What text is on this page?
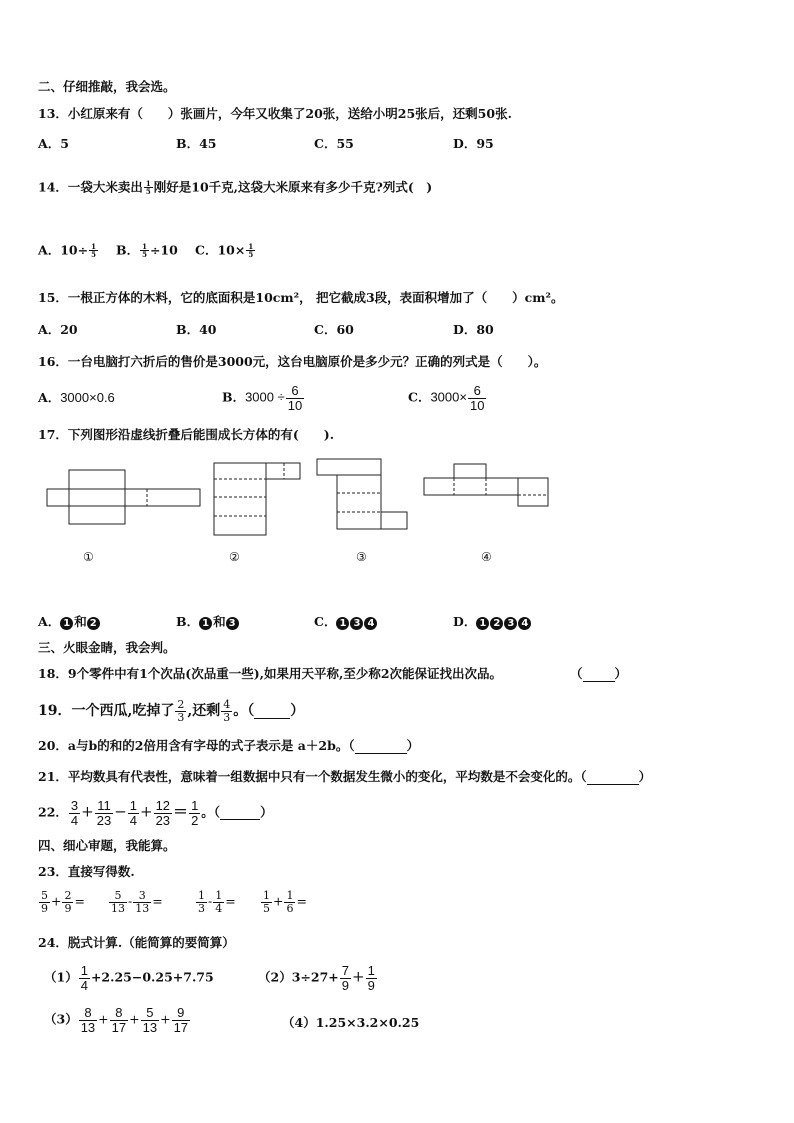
二、仔细推敲，我会选。
13．小红原来有（　　）张画片，今年又收集了20张，送给小明25张后，还剩50张.
A．5	B．45	C．55	D．95
14．一袋大米卖出 $\frac{1}{5}$ 刚好是10千克,这袋大米原来有多少千克?列式(　)
A．$10\div \frac{1}{5}$ B． $\frac{1}{5} \div 10$ C．$10\times \frac{1}{5}$
15．一根正方体的木料，它的底面积是10cm²， 把它截成3段，表面积增加了（　　）cm²。
A．20	B．40	C．60	D．80
16．一台电脑打六折后的售价是3000元，这台电脑原价是多少元？正确的列式是（　　）。
A．3000×0.6	B．$3000 \div \frac{6}{10}$	C．$3000\times \frac{6}{10}$
17．下列图形沿虚线折叠后能围成长方体的有(　　).
①	②	③	④
A． 1 和 2	B． 1 和 3	C． 1 3 4	D． 1 2 3 4
三、火眼金睛，我会判。
18．9个零件中有1个次品(次品重一些),如果用天平称,至少称2次能保证找出次品。	（	）
19．一个西瓜,吃掉了 $\frac{2}{3}$ ,还剩 $\frac{4}{3}$ 。（	）
20．a与b的和的2倍用含有字母的式子表示是 a＋2b。（	）
21．平均数具有代表性，意味着一组数据中只有一个数据发生微小的变化，平均数是不会变化的。（	）
22． $\frac{3}{4} + \frac{11}{23} - \frac{1}{4} + \frac{12}{23} = \frac{1}{2}$ 。（	）
四、细心审题，我能算。
23．直接写得数.
$\frac{5}{9} + \frac{2}{9} = \frac{5}{13} - \frac{3}{13}$ =	$\frac{1}{3} - \frac{1}{4} = \frac{1}{5} + \frac{1}{6}$ =
24．脱式计算.（能简算的要简算）
$(1) \frac{1}{4} +2.25-0.25+7.75$	$(2)3\div 27+ \frac{7}{9} + \frac{1}{9}$
$(3) \frac{8}{13} + \frac{8}{17} + \frac{5}{13} + \frac{9}{17}$	（4）1.25×3.2×0.25
